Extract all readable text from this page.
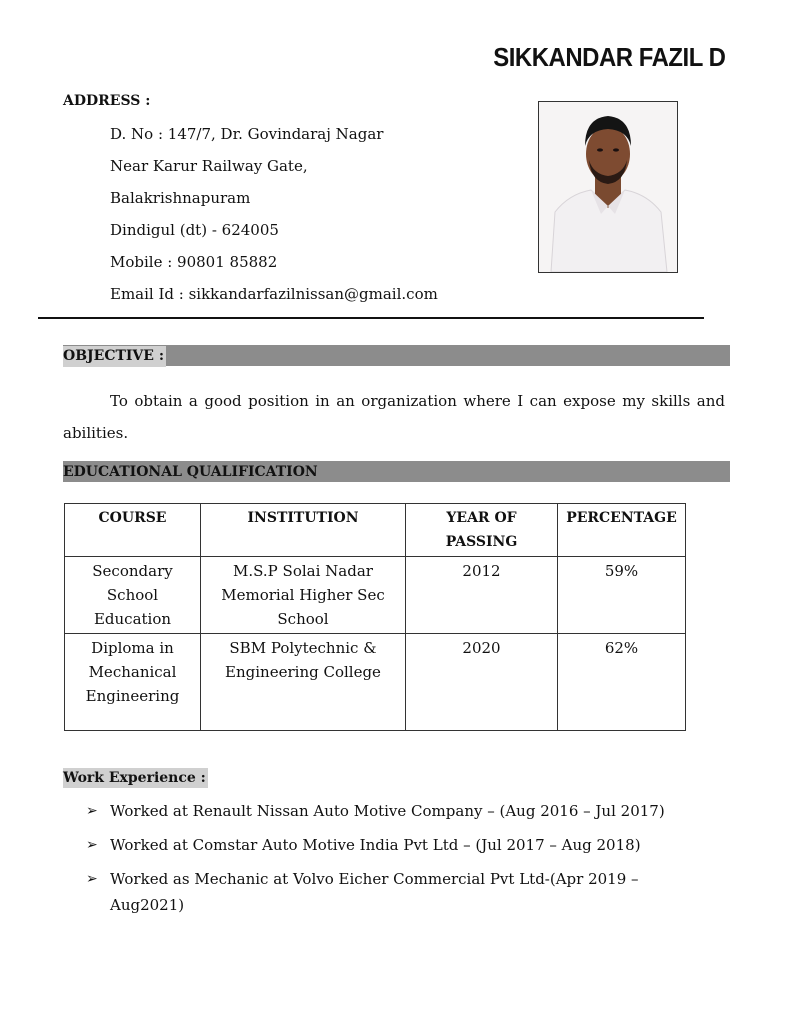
SIKKANDAR FAZIL D
ADDRESS :
D. No : 147/7, Dr. Govindaraj Nagar
Near Karur Railway Gate,
Balakrishnapuram
Dindigul (dt) - 624005
Mobile : 90801 85882
Email Id : sikkandarfazilnissan@gmail.com
OBJECTIVE :
To obtain a good position in an organization where I can expose my skills and abilities.
EDUCATIONAL QUALIFICATION
COURSE	INSTITUTION	YEAR OF PASSING	PERCENTAGE
Secondary School Education	M.S.P Solai Nadar Memorial Higher Sec School	2012	59%
Diploma in Mechanical Engineering	SBM Polytechnic & Engineering College	2020	62%
Work Experience :
➢ Worked at Renault Nissan Auto Motive Company – (Aug 2016 – Jul 2017)
➢ Worked at Comstar Auto Motive India Pvt Ltd – (Jul 2017 – Aug 2018)
➢ Worked as Mechanic at Volvo Eicher Commercial Pvt Ltd-(Apr 2019 – Aug2021)
